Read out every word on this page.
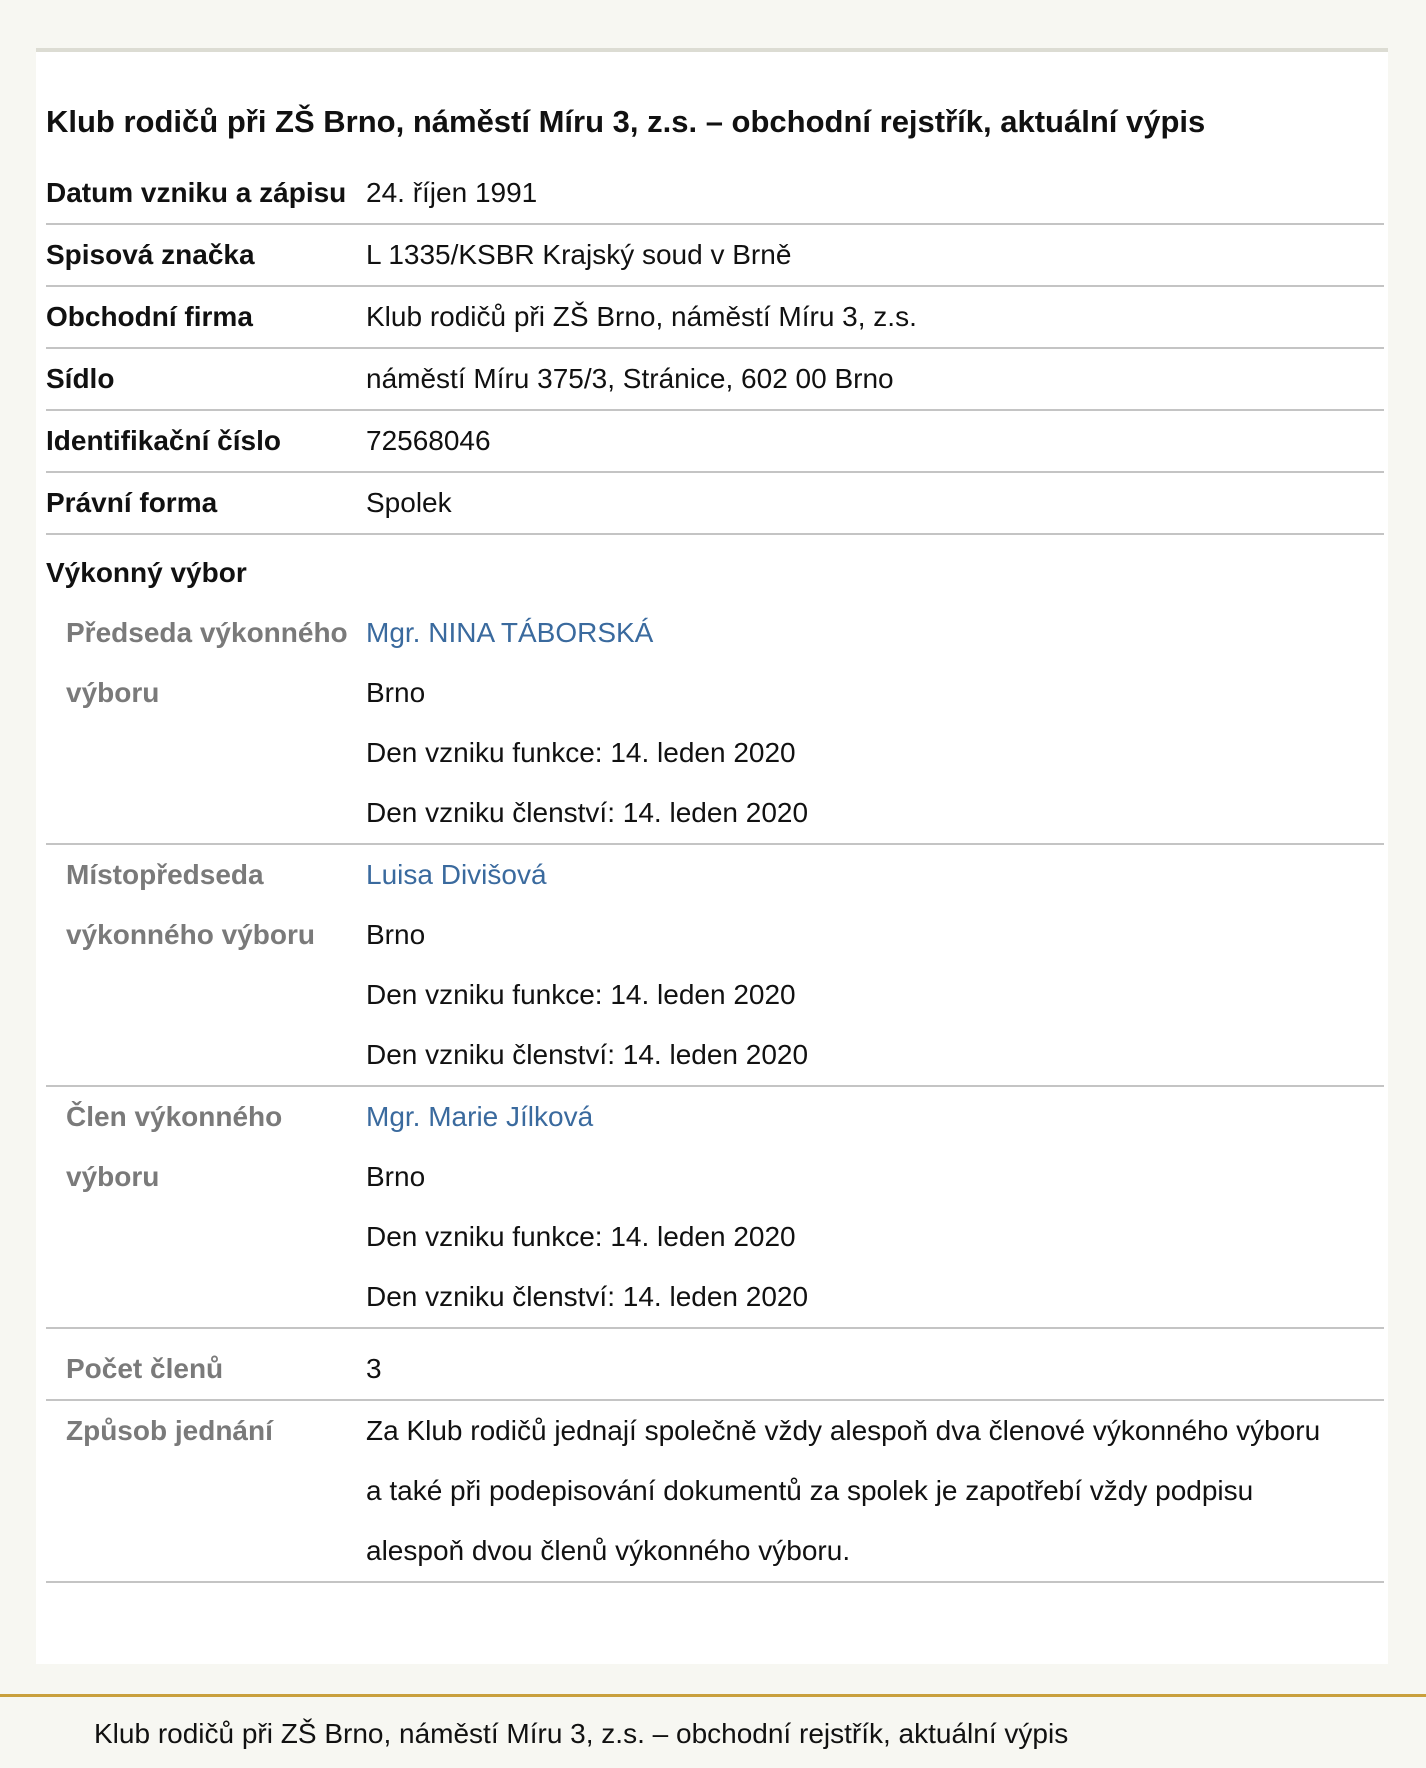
Klub rodičů při ZŠ Brno, náměstí Míru 3, z.s. – obchodní rejstřík, aktuální výpis
Datum vzniku a zápisu	24. říjen 1991
Spisová značka	L 1335/KSBR Krajský soud v Brně
Obchodní firma	Klub rodičů při ZŠ Brno, náměstí Míru 3, z.s.
Sídlo	náměstí Míru 375/3, Stránice, 602 00 Brno
Identifikační číslo	72568046
Právní forma	Spolek
Výkonný výbor	
Předseda výkonného výboru	Mgr. NINA TÁBORSKÁ
Brno
Den vzniku funkce: 14. leden 2020
Den vzniku členství: 14. leden 2020

Místopředseda výkonného výboru	Luisa Divišová
Brno
Den vzniku funkce: 14. leden 2020
Den vzniku členství: 14. leden 2020

Člen výkonného výboru	Mgr. Marie Jílková
Brno
Den vzniku funkce: 14. leden 2020
Den vzniku členství: 14. leden 2020

Počet členů	3
Způsob jednání	Za Klub rodičů jednají společně vždy alespoň dva členové výkonného výboru a také při podepisování dokumentů za spolek je zapotřebí vždy podpisu alespoň dvou členů výkonného výboru.
Klub rodičů při ZŠ Brno, náměstí Míru 3, z.s. – obchodní rejstřík, aktuální výpis
